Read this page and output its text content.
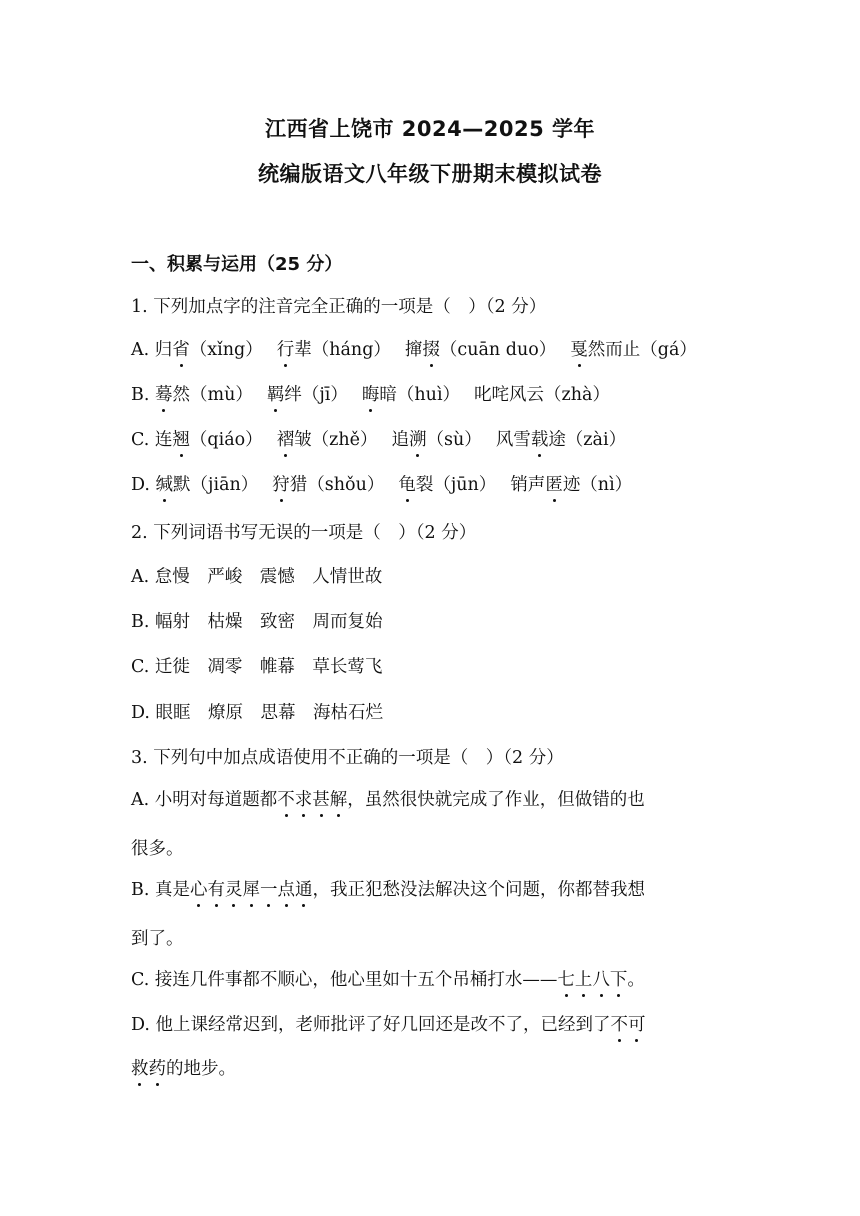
江西省上饶市 2024—2025 学年
统编版语文八年级下册期末模拟试卷
一、积累与运用（25 分）
1. 下列加点字的注音完全正确的一项是（　）（2 分）
A. 归省（xǐng） 行辈（háng） 撺掇（cuān duo） 戛然而止（gá）
B. 蓦然（mù） 羁绊（jī） 晦暗（huì） 叱咤风云（zhà）
C. 连翘（qiáo） 褶皱（zhě） 追溯（sù） 风雪载途（zài）
D. 缄默（jiān） 狩猎（shǒu） 龟裂（jūn） 销声匿迹（nì）
2. 下列词语书写无误的一项是（　）（2 分）
A. 怠慢　严峻　震憾　人情世故
B. 幅射　枯燥　致密　周而复始
C. 迁徙　凋零　帷幕　草长莺飞
D. 眼眶　燎原　思幕　海枯石烂
3. 下列句中加点成语使用不正确的一项是（　）（2 分）
A. 小明对每道题都不求甚解，虽然很快就完成了作业，但做错的也
很多。
B. 真是心有灵犀一点通，我正犯愁没法解决这个问题，你都替我想
到了。
C. 接连几件事都不顺心，他心里如十五个吊桶打水——七上八下。
D. 他上课经常迟到，老师批评了好几回还是改不了，已经到了不可
救药的地步。
